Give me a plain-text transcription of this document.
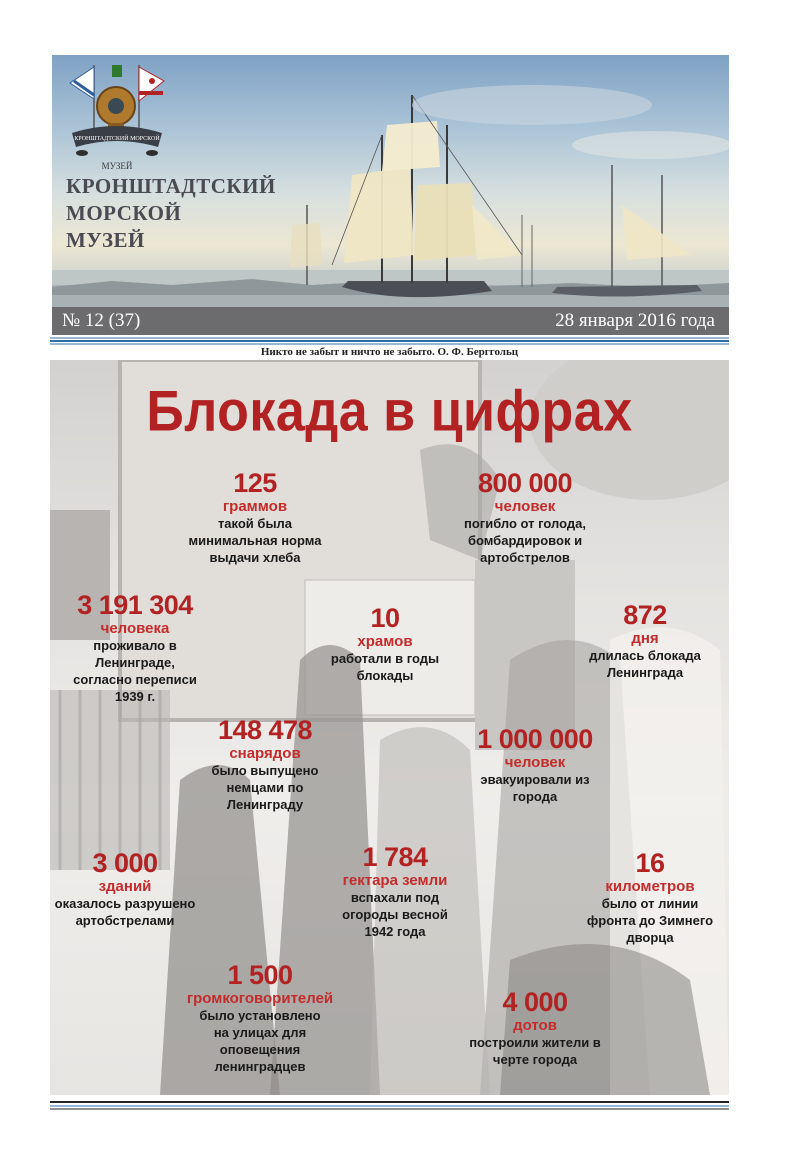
КРОНШТАДТСКИЙ МОРСКОЙ
МУЗЕЙ
КРОНШТАДТСКИЙ
МОРСКОЙ
МУЗЕЙ
№ 12 (37)	28 января 2016 года
Никто не забыт и ничто не забыто. О. Ф. Берггольц
Блокада в цифрах
125
граммов
такой была
минимальная норма
выдачи хлеба
800 000
человек
погибло от голода,
бомбардировок и
артобстрелов
3 191 304
человека
проживало в
Ленинграде,
согласно переписи
1939 г.
10
храмов
работали в годы
блокады
872
дня
длилась блокада
Ленинграда
148 478
снарядов
было выпущено
немцами по
Ленинграду
1 000 000
человек
эвакуировали из
города
3 000
зданий
оказалось разрушено
артобстрелами
1 784
гектара земли
вспахали под
огороды весной
1942 года
16
километров
было от линии
фронта до Зимнего
дворца
1 500
громкоговорителей
было установлено
на улицах для
оповещения
ленинградцев
4 000
дотов
построили жители в
черте города
